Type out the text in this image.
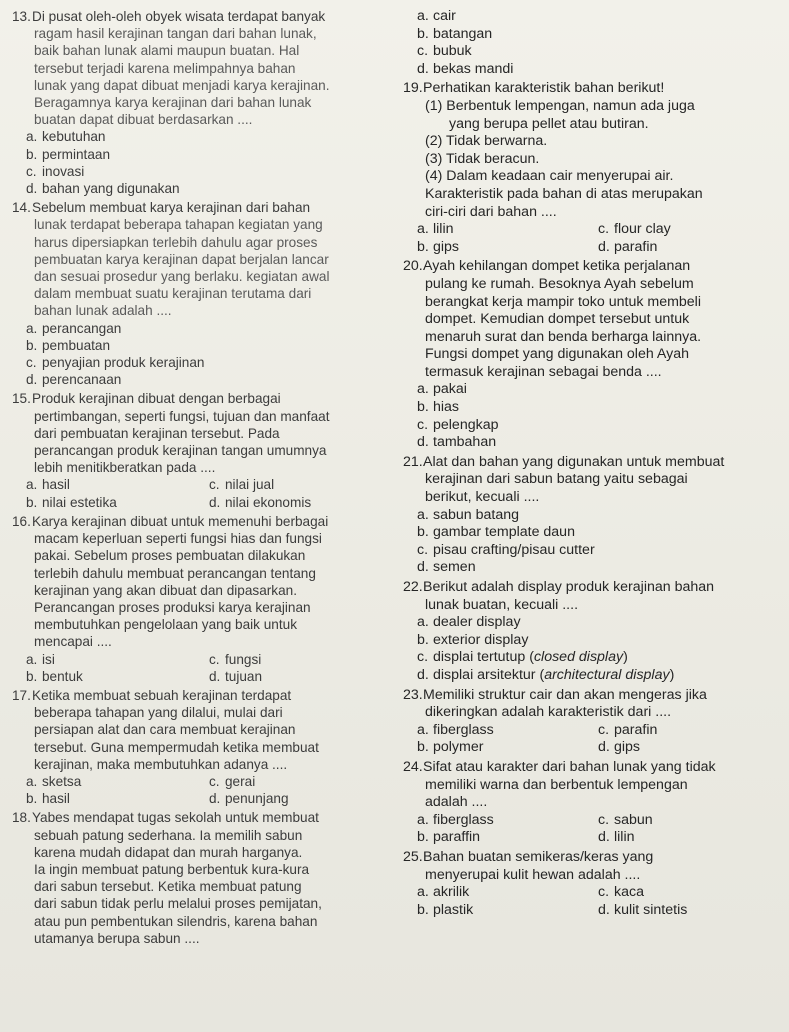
13.Di pusat oleh-oleh obyek wisata terdapat banyak
ragam hasil kerajinan tangan dari bahan lunak,
baik bahan lunak alami maupun buatan. Hal
tersebut terjadi karena melimpahnya bahan
lunak yang dapat dibuat menjadi karya kerajinan.
Beragamnya karya kerajinan dari bahan lunak
buatan dapat dibuat berdasarkan ....
a. kebutuhan
b. permintaan
c. inovasi
d. bahan yang digunakan
14.Sebelum membuat karya kerajinan dari bahan
lunak terdapat beberapa tahapan kegiatan yang
harus dipersiapkan terlebih dahulu agar proses
pembuatan karya kerajinan dapat berjalan lancar
dan sesuai prosedur yang berlaku. kegiatan awal
dalam membuat suatu kerajinan terutama dari
bahan lunak adalah ....
a. perancangan
b. pembuatan
c. penyajian produk kerajinan
d. perencanaan
15.Produk kerajinan dibuat dengan berbagai
pertimbangan, seperti fungsi, tujuan dan manfaat
dari pembuatan kerajinan tersebut. Pada
perancangan produk kerajinan tangan umumnya
lebih menitikberatkan pada ....
a. hasil	c. nilai jual
b. nilai estetika	d. nilai ekonomis
16.Karya kerajinan dibuat untuk memenuhi berbagai
macam keperluan seperti fungsi hias dan fungsi
pakai. Sebelum proses pembuatan dilakukan
terlebih dahulu membuat perancangan tentang
kerajinan yang akan dibuat dan dipasarkan.
Perancangan proses produksi karya kerajinan
membutuhkan pengelolaan yang baik untuk
mencapai ....
a. isi	c. fungsi
b. bentuk	d. tujuan
17.Ketika membuat sebuah kerajinan terdapat
beberapa tahapan yang dilalui, mulai dari
persiapan alat dan cara membuat kerajinan
tersebut. Guna mempermudah ketika membuat
kerajinan, maka membutuhkan adanya ....
a. sketsa	c. gerai
b. hasil	d. penunjang
18.Yabes mendapat tugas sekolah untuk membuat
sebuah patung sederhana. Ia memilih sabun
karena mudah didapat dan murah harganya.
Ia ingin membuat patung berbentuk kura-kura
dari sabun tersebut. Ketika membuat patung
dari sabun tidak perlu melalui proses pemijatan,
atau pun pembentukan silendris, karena bahan
utamanya berupa sabun ....
a. cair
b. batangan
c. bubuk
d. bekas mandi
19.Perhatikan karakteristik bahan berikut!
(1) Berbentuk lempengan, namun ada juga
yang berupa pellet atau butiran.
(2) Tidak berwarna.
(3) Tidak beracun.
(4) Dalam keadaan cair menyerupai air.
Karakteristik pada bahan di atas merupakan
ciri-ciri dari bahan ....
a. lilin	c. flour clay
b. gips	d. parafin
20.Ayah kehilangan dompet ketika perjalanan
pulang ke rumah. Besoknya Ayah sebelum
berangkat kerja mampir toko untuk membeli
dompet. Kemudian dompet tersebut untuk
menaruh surat dan benda berharga lainnya.
Fungsi dompet yang digunakan oleh Ayah
termasuk kerajinan sebagai benda ....
a. pakai
b. hias
c. pelengkap
d. tambahan
21.Alat dan bahan yang digunakan untuk membuat
kerajinan dari sabun batang yaitu sebagai
berikut, kecuali ....
a. sabun batang
b. gambar template daun
c. pisau crafting/pisau cutter
d. semen
22.Berikut adalah display produk kerajinan bahan
lunak buatan, kecuali ....
a. dealer display
b. exterior display
c. displai tertutup (closed display)
d. displai arsitektur (architectural display)
23.Memiliki struktur cair dan akan mengeras jika
dikeringkan adalah karakteristik dari ....
a. fiberglass	c. parafin
b. polymer	d. gips
24.Sifat atau karakter dari bahan lunak yang tidak
memiliki warna dan berbentuk lempengan
adalah ....
a. fiberglass	c. sabun
b. paraffin	d. lilin
25.Bahan buatan semikeras/keras yang
menyerupai kulit hewan adalah ....
a. akrilik	c. kaca
b. plastik	d. kulit sintetis
